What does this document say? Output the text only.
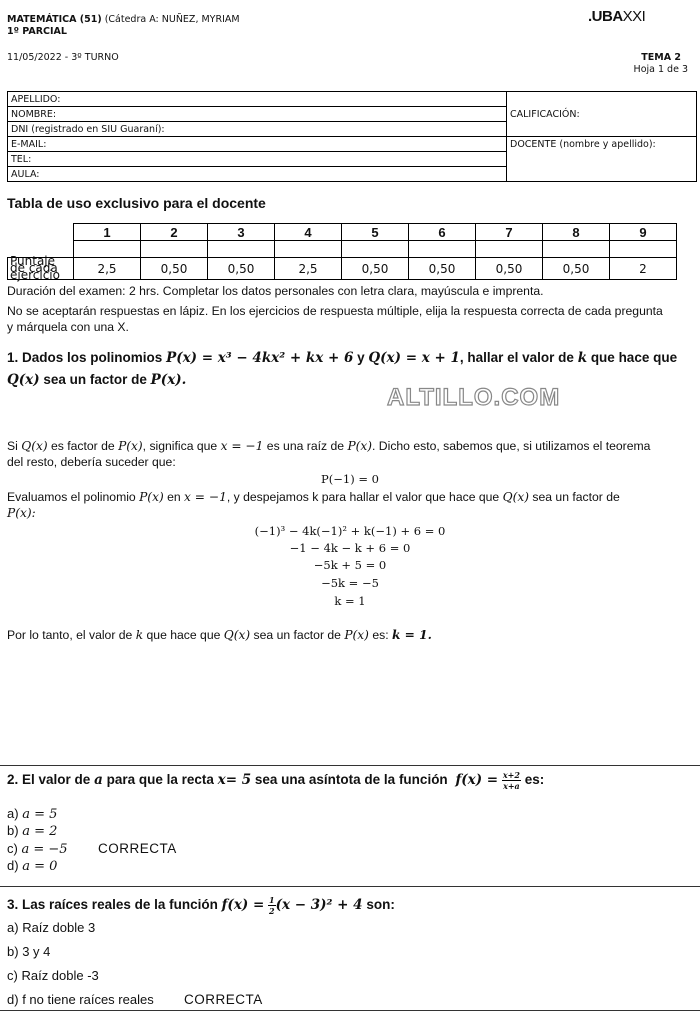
MATEMÁTICA (51) (Cátedra A: NUÑEZ, MYRIAM
1º PARCIAL
.UBAXXI
11/05/2022 - 3º TURNO	TEMA 2
Hoja 1 de 3
APELLIDO:	CALIFICACIÓN:
NOMBRE:	
DNI (registrado en SIU Guaraní):	
E-MAIL:	DOCENTE (nombre y apellido):
TEL:	
AULA:	
Tabla de uso exclusivo para el docente
	1	2	3	4	5	6	7	8	9

Puntaje de cada ejercicio	2,5	0,50	0,50	2,5	0,50	0,50	0,50	0,50	2
Duración del examen: 2 hrs. Completar los datos personales con letra clara, mayúscula e imprenta.
No se aceptarán respuestas en lápiz. En los ejercicios de respuesta múltiple, elija la respuesta correcta de cada pregunta y márquela con una X.
1. Dados los polinomios P(x) = x³ − 4kx² + kx + 6 y Q(x) = x + 1, hallar el valor de k que hace que Q(x) sea un factor de P(x).
ALTILLO.COM
Si Q(x) es factor de P(x), significa que x = −1 es una raíz de P(x). Dicho esto, sabemos que, si utilizamos el teorema
del resto, debería suceder que:
P(−1) = 0
Evaluamos el polinomio P(x) en x = −1, y despejamos k para hallar el valor que hace que Q(x) sea un factor de
P(x):
(−1)³ − 4k(−1)² + k(−1) + 6 = 0
−1 − 4k − k + 6 = 0
−5k + 5 = 0
−5k = −5
k = 1
Por lo tanto, el valor de k que hace que Q(x) sea un factor de P(x) es: k = 1.
2. El valor de a para que la recta x= 5 sea una asíntota de la función $f(x) = \frac{x+2}{x+a}$ es:
a) a = 5
b) a = 2
c) a = −5 CORRECTA
d) a = 0
3. Las raíces reales de la función $f(x) = \frac{1}{2} (x - 3)^2 + 4$ son:
a) Raíz doble 3
b) 3 y 4
c) Raíz doble -3
d) f no tiene raíces reales CORRECTA
